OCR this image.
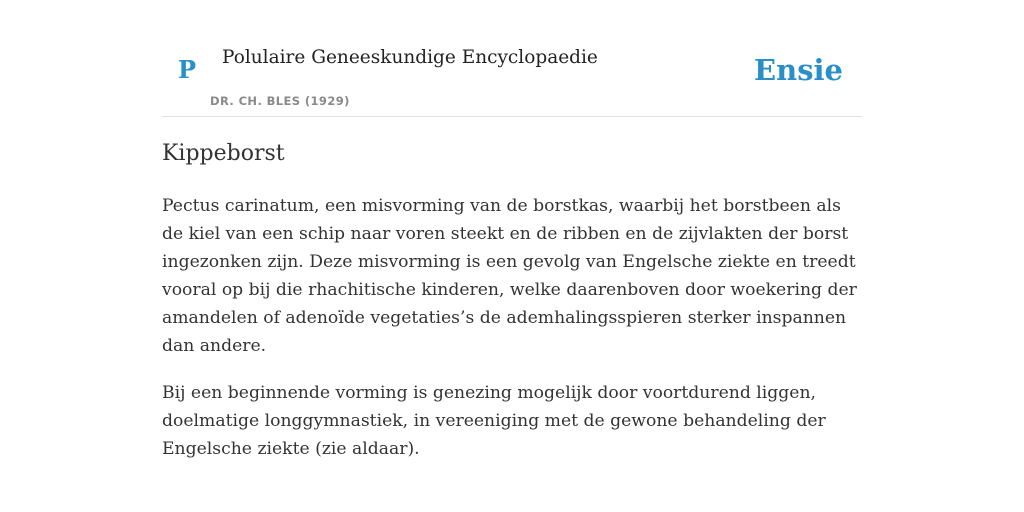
P Polulaire Geneeskundige Encyclopaedie
DR. CH. BLES (1929)
Ensie
Kippeborst

Pectus carinatum, een misvorming van de borstkas, waarbij het borstbeen als de kiel van een schip naar voren steekt en de ribben en de zijvlakten der borst ingezonken zijn. Deze misvorming is een gevolg van Engelsche ziekte en treedt vooral op bij die rhachitische kinderen, welke daarenboven door woekering der amandelen of adenoïde vegetaties’s de ademhalingsspieren sterker inspannen dan andere.

Bij een beginnende vorming is genezing mogelijk door voortdurend liggen, doelmatige longgymnastiek, in vereeniging met de gewone behandeling der Engelsche ziekte (zie aldaar).
